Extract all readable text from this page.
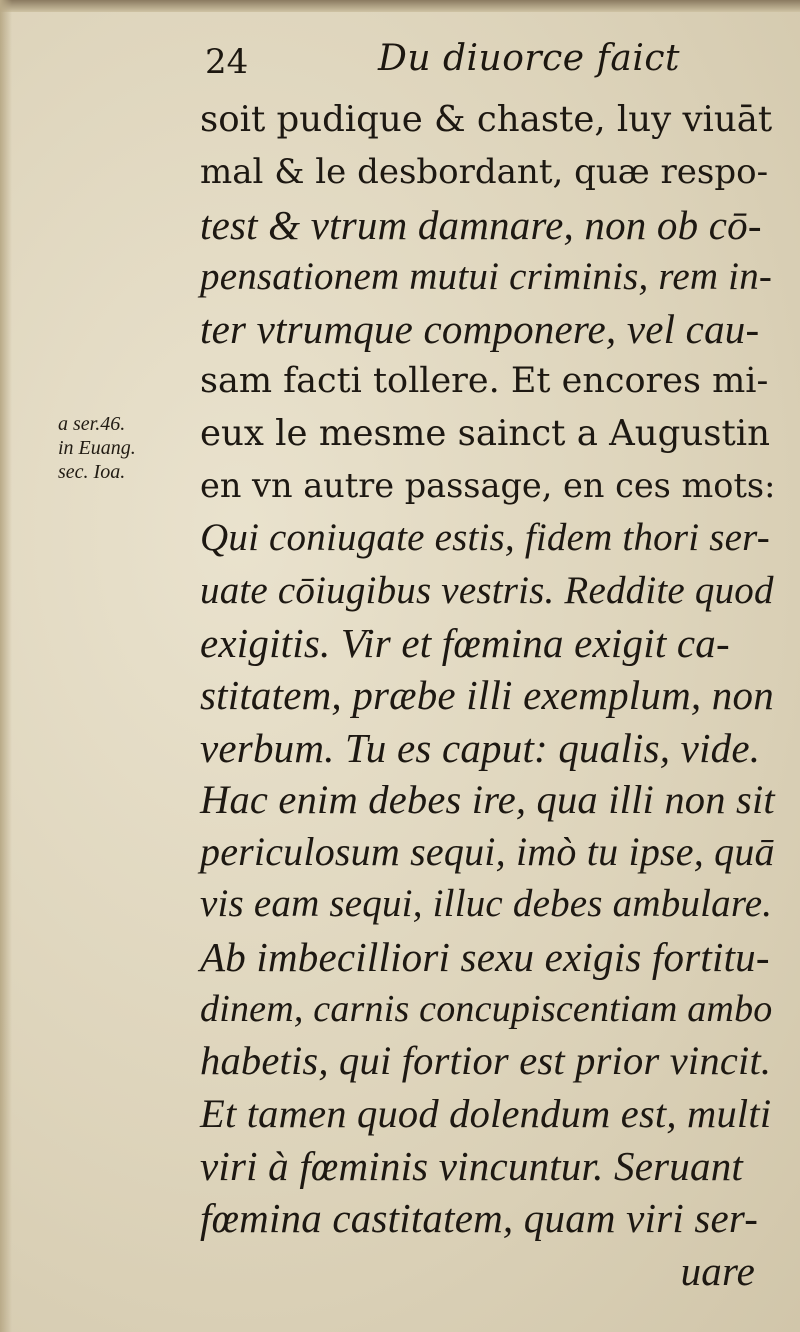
24	Du diuorce faict
a ser.46.
in Euang.
sec. Ioa.
soit pudique & chaste, luy viuāt
mal & le desbordant, quæ respo-
test & vtrum damnare, non ob cō-
pensationem mutui criminis, rem in-
ter vtrumque componere, vel cau-
sam facti tollere. Et encores mi-
eux le mesme sainct a Augustin
en vn autre passage, en ces mots:
Qui coniugate estis, fidem thori ser-
uate cōiugibus vestris. Reddite quod
exigitis. Vir et fœmina exigit ca-
stitatem, præbe illi exemplum, non
verbum. Tu es caput: qualis, vide.
Hac enim debes ire, qua illi non sit
periculosum sequi, imò tu ipse, quā
vis eam sequi, illuc debes ambulare.
Ab imbecilliori sexu exigis fortitu-
dinem, carnis concupiscentiam ambo
habetis, qui fortior est prior vincit.
Et tamen quod dolendum est, multi
viri à fœminis vincuntur. Seruant
fœmina castitatem, quam viri ser-
uare
